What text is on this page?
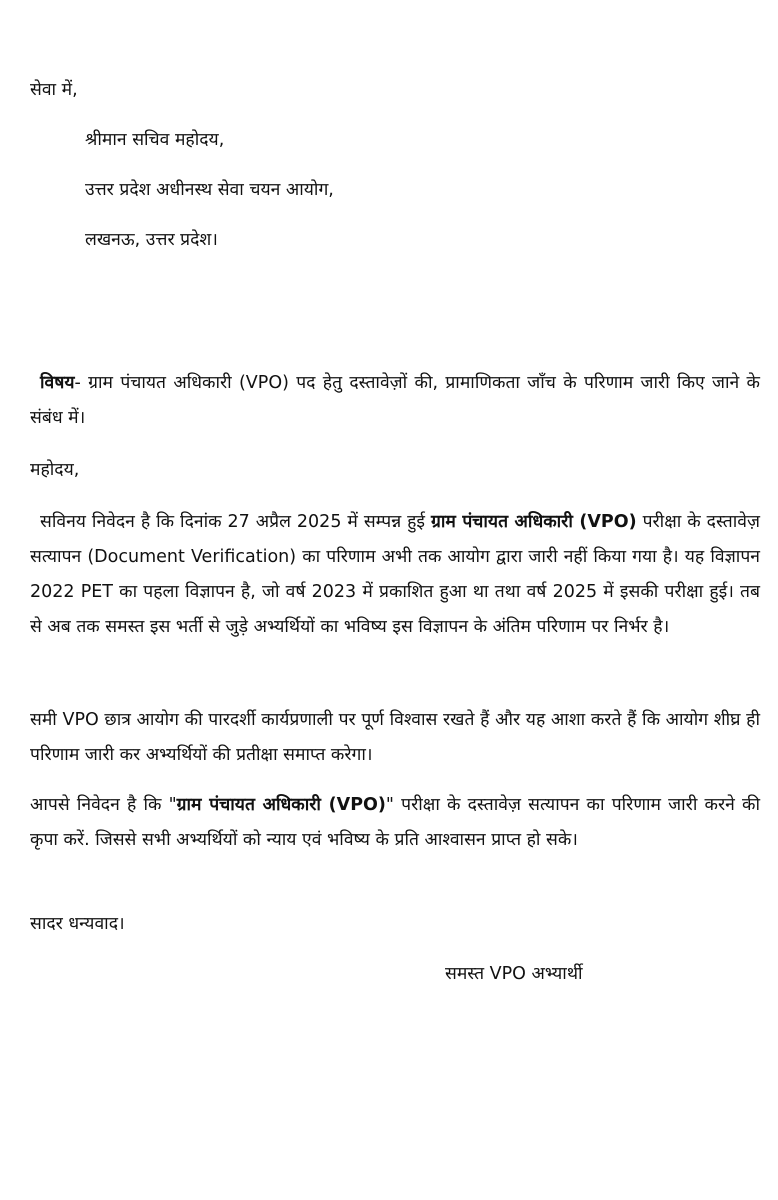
सेवा में,
श्रीमान सचिव महोदय,
उत्तर प्रदेश अधीनस्थ सेवा चयन आयोग,
लखनऊ, उत्तर प्रदेश।
विषय- ग्राम पंचायत अधिकारी (VPO) पद हेतु दस्तावेज़ों की, प्रामाणिकता जाँच के परिणाम जारी किए जाने के संबंध में।
महोदय,
सविनय निवेदन है कि दिनांक 27 अप्रैल 2025 में सम्पन्न हुई ग्राम पंचायत अधिकारी (VPO) परीक्षा के दस्तावेज़ सत्यापन (Document Verification) का परिणाम अभी तक आयोग द्वारा जारी नहीं किया गया है। यह विज्ञापन 2022 PET का पहला विज्ञापन है, जो वर्ष 2023 में प्रकाशित हुआ था तथा वर्ष 2025 में इसकी परीक्षा हुई। तब से अब तक समस्त इस भर्ती से जुड़े अभ्यर्थियों का भविष्य इस विज्ञापन के अंतिम परिणाम पर निर्भर है।
समी VPO छात्र आयोग की पारदर्शी कार्यप्रणाली पर पूर्ण विश्वास रखते हैं और यह आशा करते हैं कि आयोग शीघ्र ही परिणाम जारी कर अभ्यर्थियों की प्रतीक्षा समाप्त करेगा।
आपसे निवेदन है कि "ग्राम पंचायत अधिकारी (VPO)" परीक्षा के दस्तावेज़ सत्यापन का परिणाम जारी करने की कृपा करें. जिससे सभी अभ्यर्थियों को न्याय एवं भविष्य के प्रति आश्वासन प्राप्त हो सके।
सादर धन्यवाद।
समस्त VPO अभ्यार्थी
